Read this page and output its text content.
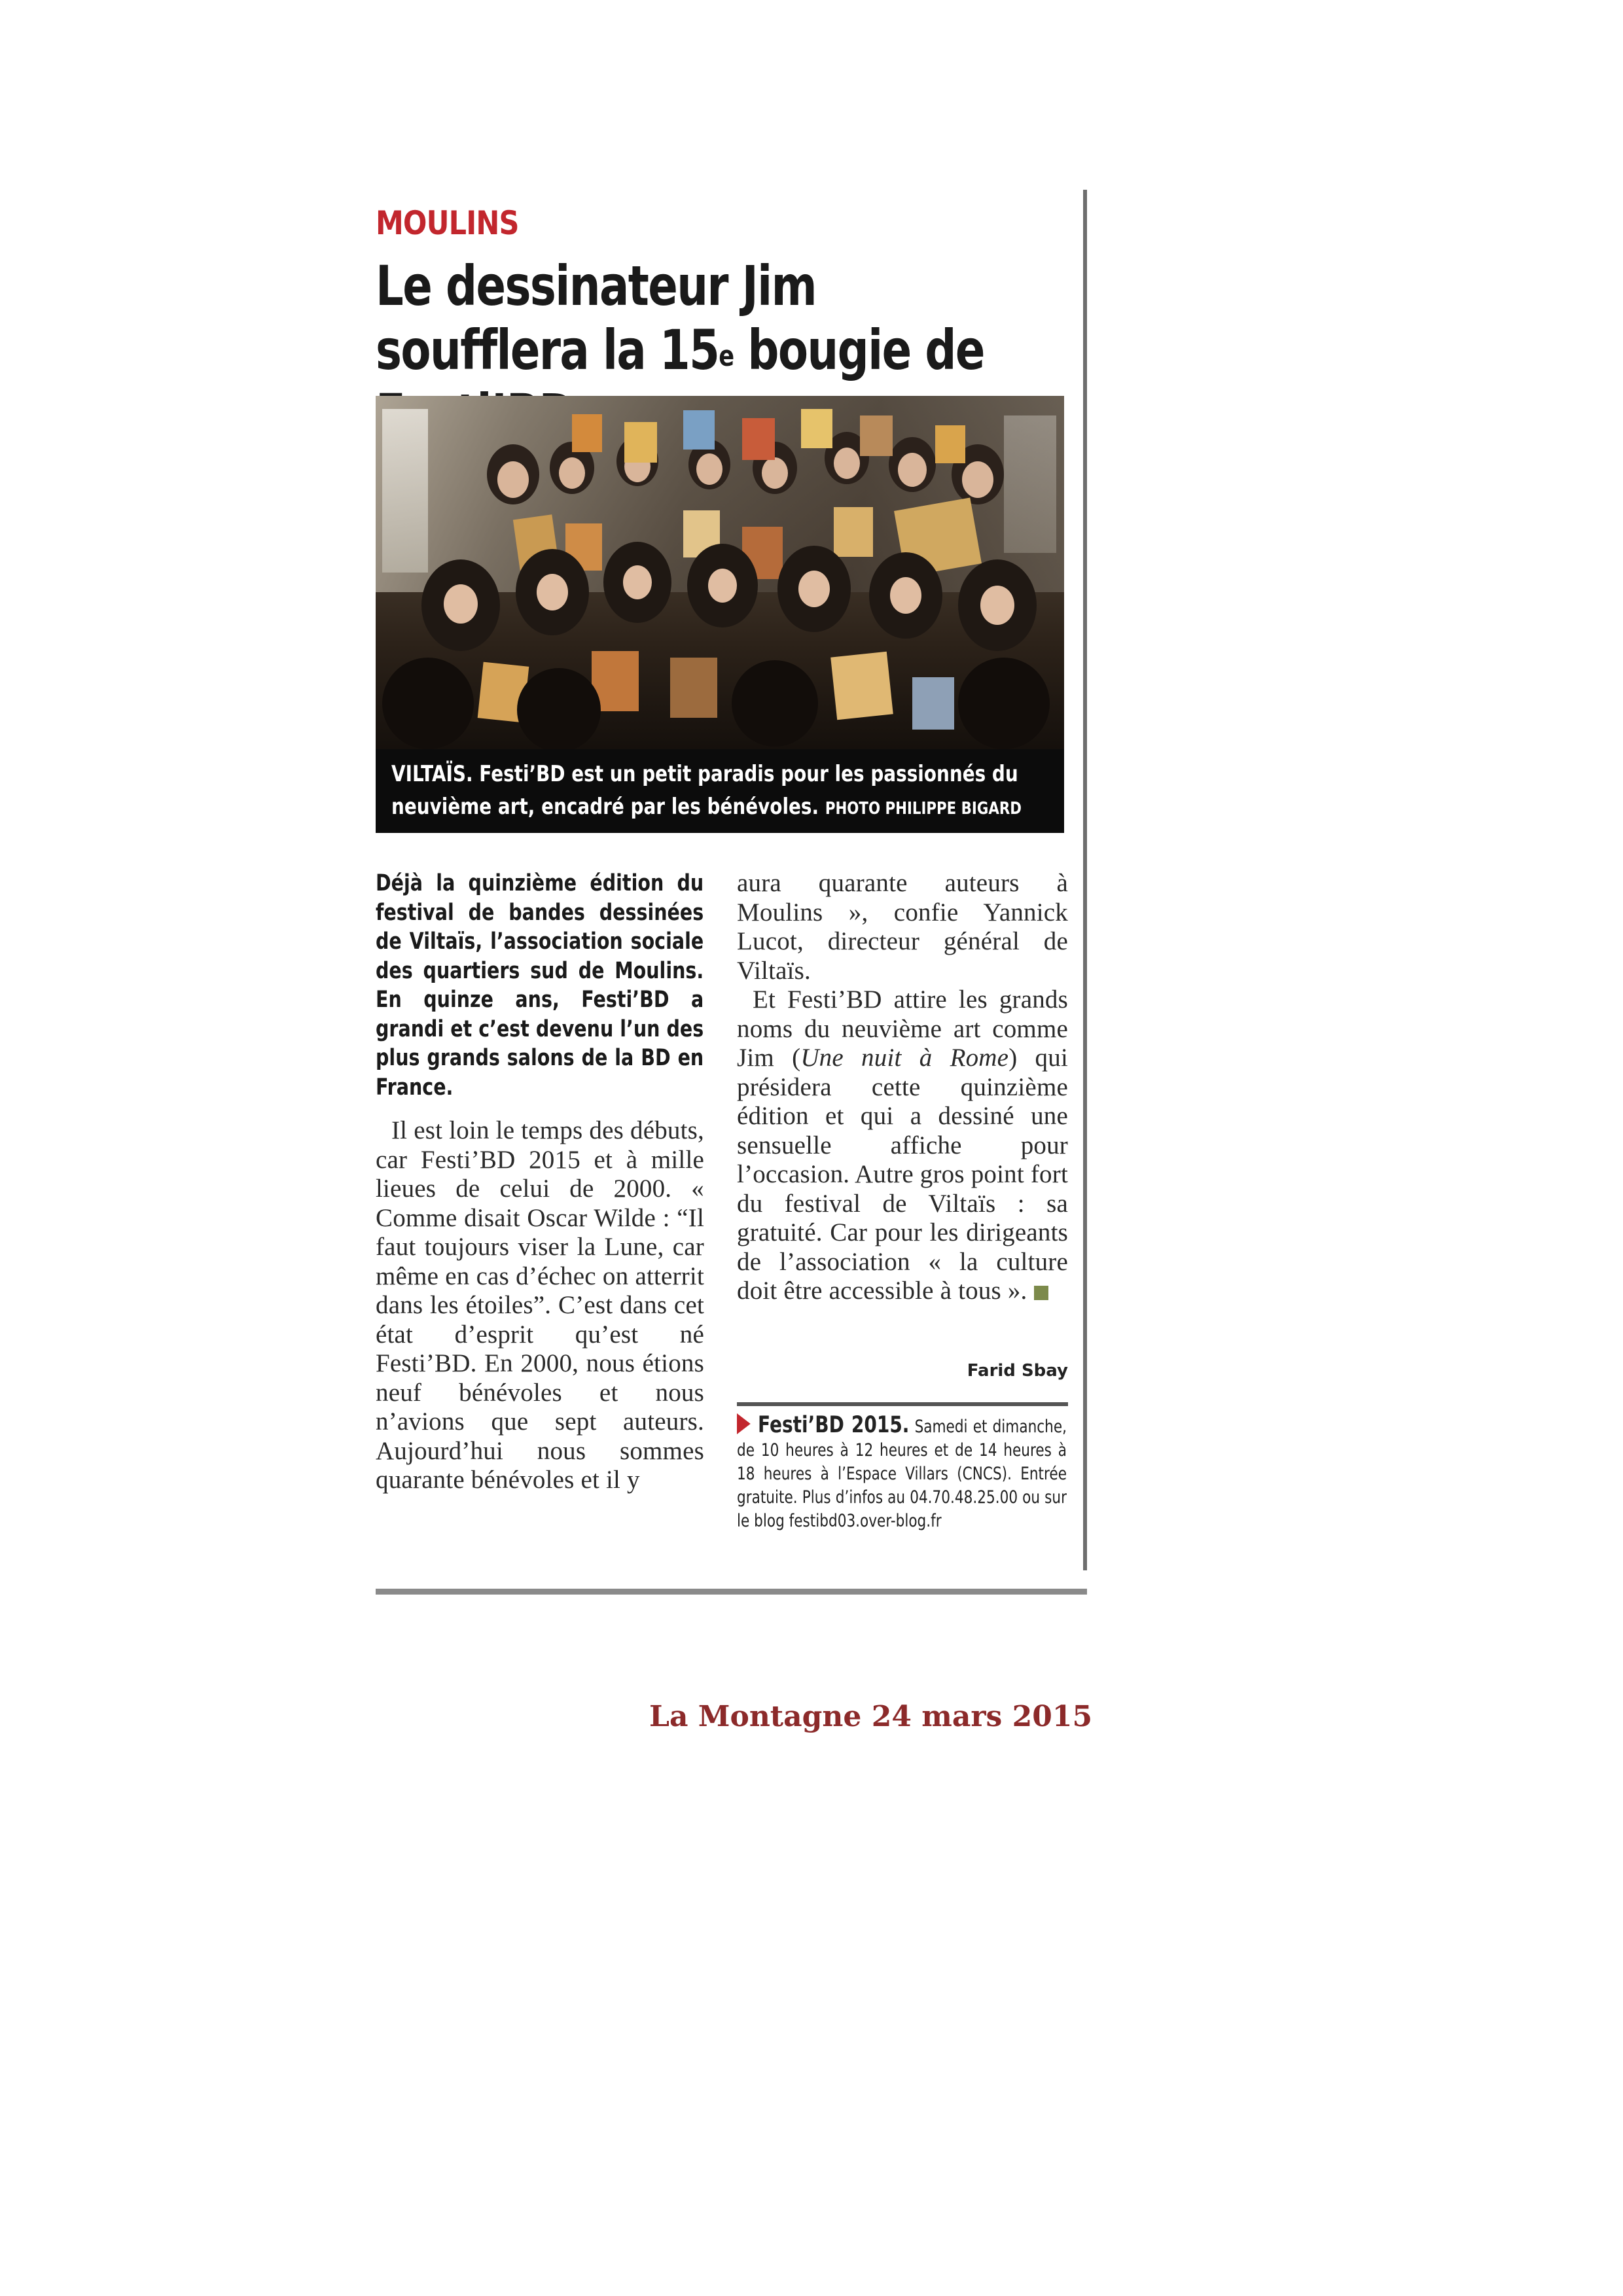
MOULINS
Le dessinateur Jim soufflera la 15e bougie de
VILTAÏS. Festi’BD est un petit paradis pour les passionnés du neuvième art, encadré par les bénévoles. PHOTO PHILIPPE BIGARD

Déjà la quinzième édition du festival de bandes dessinées de Viltaïs, l’association sociale des quartiers sud de Moulins. En quinze ans, Festi’BD a grandi et c’est devenu l’un des plus grands salons de la BD en France.

Il est loin le temps des débuts, car Festi’BD 2015 et à mille lieues de celui de 2000. « Comme disait Oscar Wilde : “Il faut toujours viser la Lune, car même en cas d’échec on atterrit dans les étoiles”. C’est dans cet état d’esprit qu’est né Festi’BD. En 2000, nous étions neuf bénévoles et nous n’avions que sept auteurs. Aujourd’hui nous sommes quarante bénévoles et il y

aura quarante auteurs à Moulins », confie Yannick Lucot, directeur général de Viltaïs.

Et Festi’BD attire les grands noms du neuvième art comme Jim (Une nuit à Rome) qui présidera cette quinzième édition et qui a dessiné une sensuelle affiche pour l’occasion. Autre gros point fort du festival de Viltaïs : sa gratuité. Car pour les dirigeants de l’association « la culture doit être accessible à tous ».

Farid Sbay
Festi’BD 2015. Samedi et dimanche, de 10 heures à 12 heures et de 14 heures à 18 heures à l’Espace Villars (CNCS). Entrée gratuite. Plus d’infos au 04.70.48.25.00 ou sur le blog festibd03.over-blog.fr
La Montagne 24 mars 2015
